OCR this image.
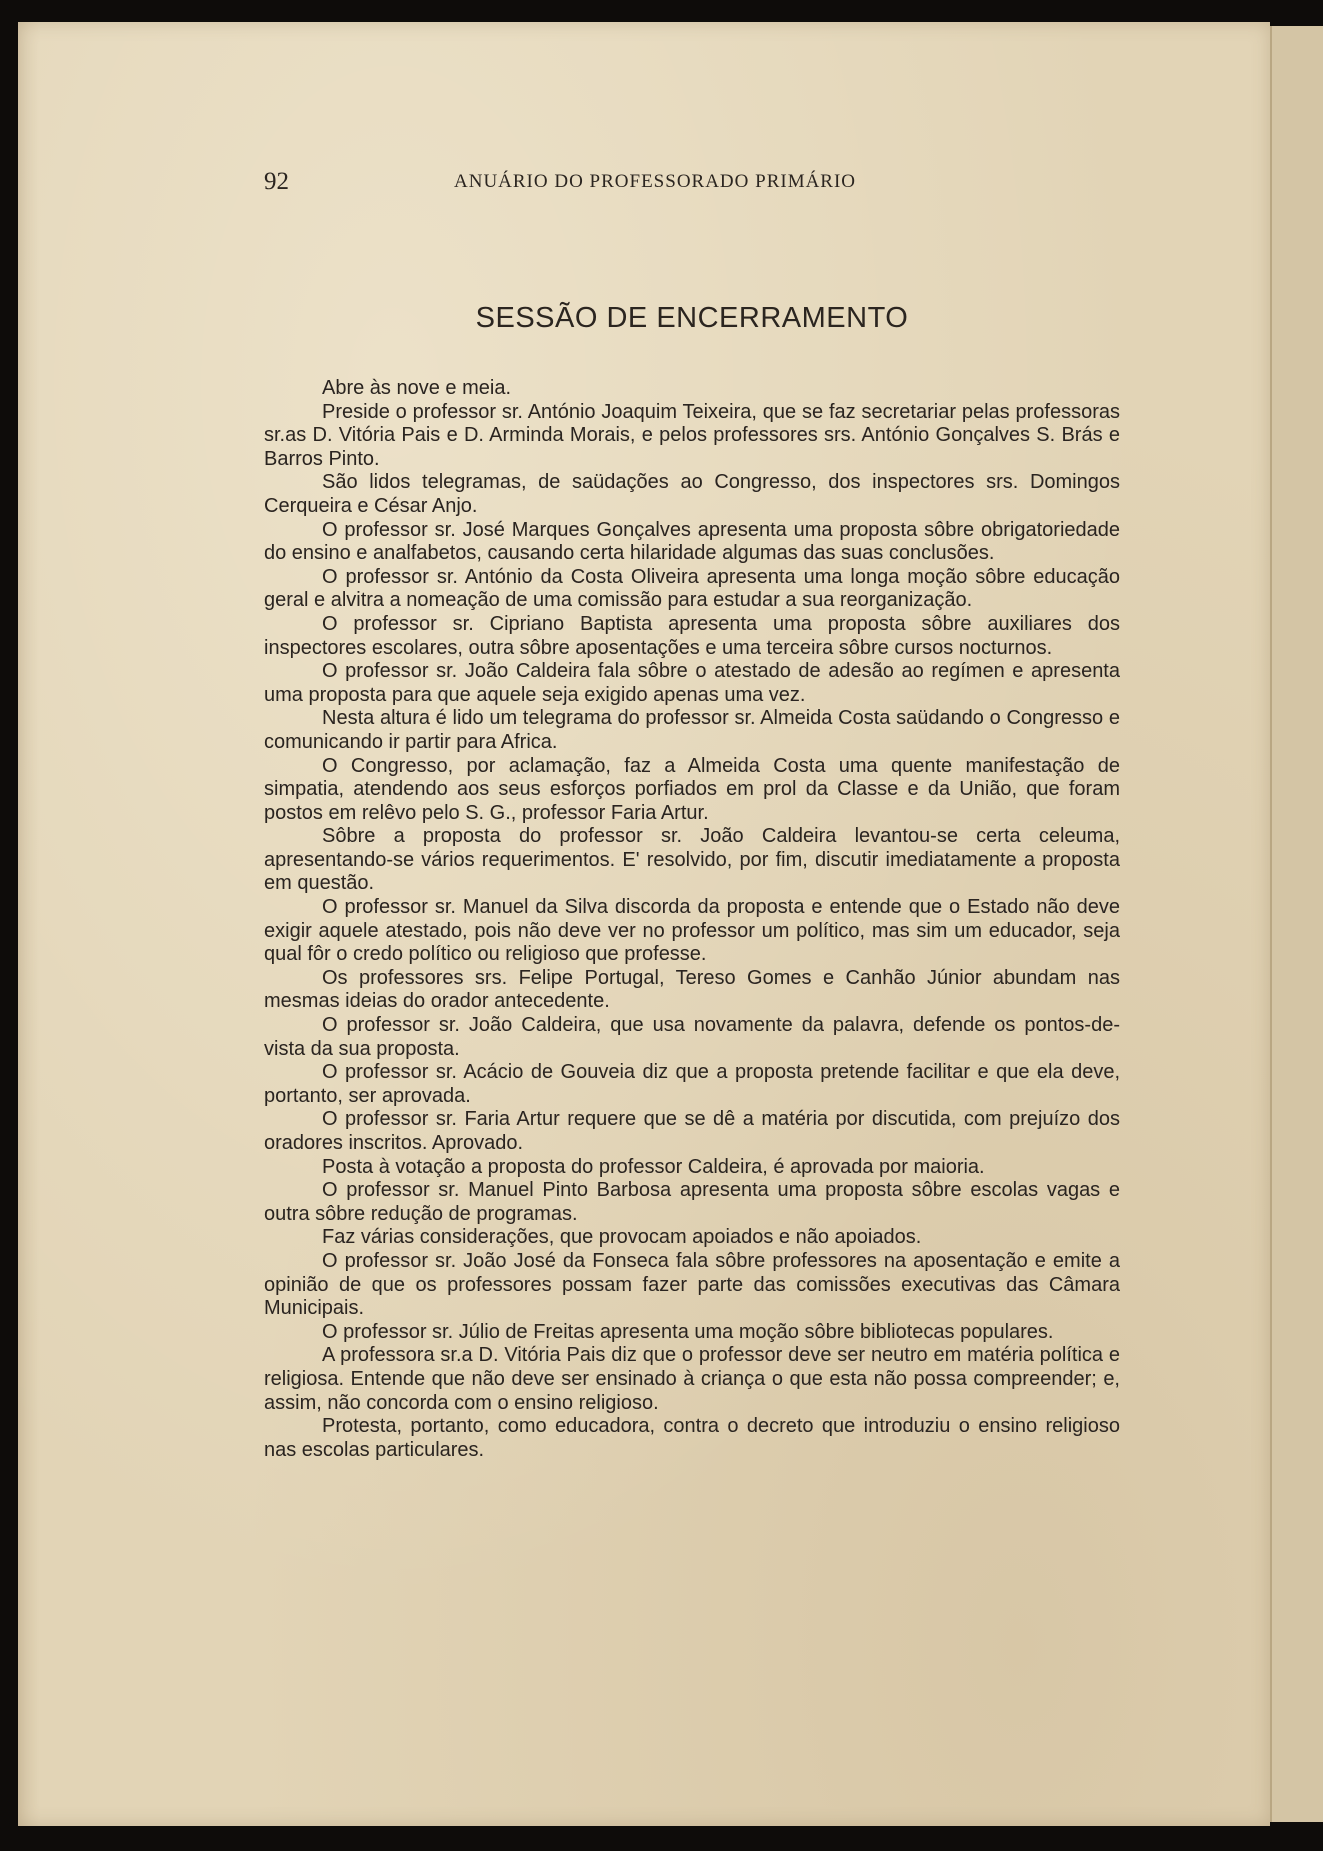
92	ANUÁRIO DO PROFESSORADO PRIMÁRIO
SESSÃO DE ENCERRAMENTO

Abre às nove e meia.

Preside o professor sr. António Joaquim Teixeira, que se faz secretariar pelas professoras sr.as D. Vitória Pais e D. Arminda Morais, e pelos professores srs. António Gonçalves S. Brás e Barros Pinto.

São lidos telegramas, de saüdações ao Congresso, dos inspectores srs. Domingos Cerqueira e César Anjo.

O professor sr. José Marques Gonçalves apresenta uma proposta sôbre obrigatoriedade do ensino e analfabetos, causando certa hilaridade algumas das suas conclusões.

O professor sr. António da Costa Oliveira apresenta uma longa moção sôbre educação geral e alvitra a nomeação de uma comissão para estudar a sua reorganização.

O professor sr. Cipriano Baptista apresenta uma proposta sôbre auxiliares dos inspectores escolares, outra sôbre aposentações e uma terceira sôbre cursos nocturnos.

O professor sr. João Caldeira fala sôbre o atestado de adesão ao regímen e apresenta uma proposta para que aquele seja exigido apenas uma vez.

Nesta altura é lido um telegrama do professor sr. Almeida Costa saüdando o Congresso e comunicando ir partir para Africa.

O Congresso, por aclamação, faz a Almeida Costa uma quente manifestação de simpatia, atendendo aos seus esforços porfiados em prol da Classe e da União, que foram postos em relêvo pelo S. G., professor Faria Artur.

Sôbre a proposta do professor sr. João Caldeira levantou-se certa celeuma, apresentando-se vários requerimentos. E' resolvido, por fim, discutir imediatamente a proposta em questão.

O professor sr. Manuel da Silva discorda da proposta e entende que o Estado não deve exigir aquele atestado, pois não deve ver no professor um político, mas sim um educador, seja qual fôr o credo político ou religioso que professe.

Os professores srs. Felipe Portugal, Tereso Gomes e Canhão Júnior abundam nas mesmas ideias do orador antecedente.

O professor sr. João Caldeira, que usa novamente da palavra, defende os pontos-de-vista da sua proposta.

O professor sr. Acácio de Gouveia diz que a proposta pretende facilitar e que ela deve, portanto, ser aprovada.

O professor sr. Faria Artur requere que se dê a matéria por discutida, com prejuízo dos oradores inscritos. Aprovado.

Posta à votação a proposta do professor Caldeira, é aprovada por maioria.

O professor sr. Manuel Pinto Barbosa apresenta uma proposta sôbre escolas vagas e outra sôbre redução de programas.

Faz várias considerações, que provocam apoiados e não apoiados.

O professor sr. João José da Fonseca fala sôbre professores na aposentação e emite a opinião de que os professores possam fazer parte das comissões executivas das Câmara Municipais.

O professor sr. Júlio de Freitas apresenta uma moção sôbre bibliotecas populares.

A professora sr.a D. Vitória Pais diz que o professor deve ser neutro em matéria política e religiosa. Entende que não deve ser ensinado à criança o que esta não possa compreender; e, assim, não concorda com o ensino religioso.

Protesta, portanto, como educadora, contra o decreto que introduziu o ensino religioso nas escolas particulares.
